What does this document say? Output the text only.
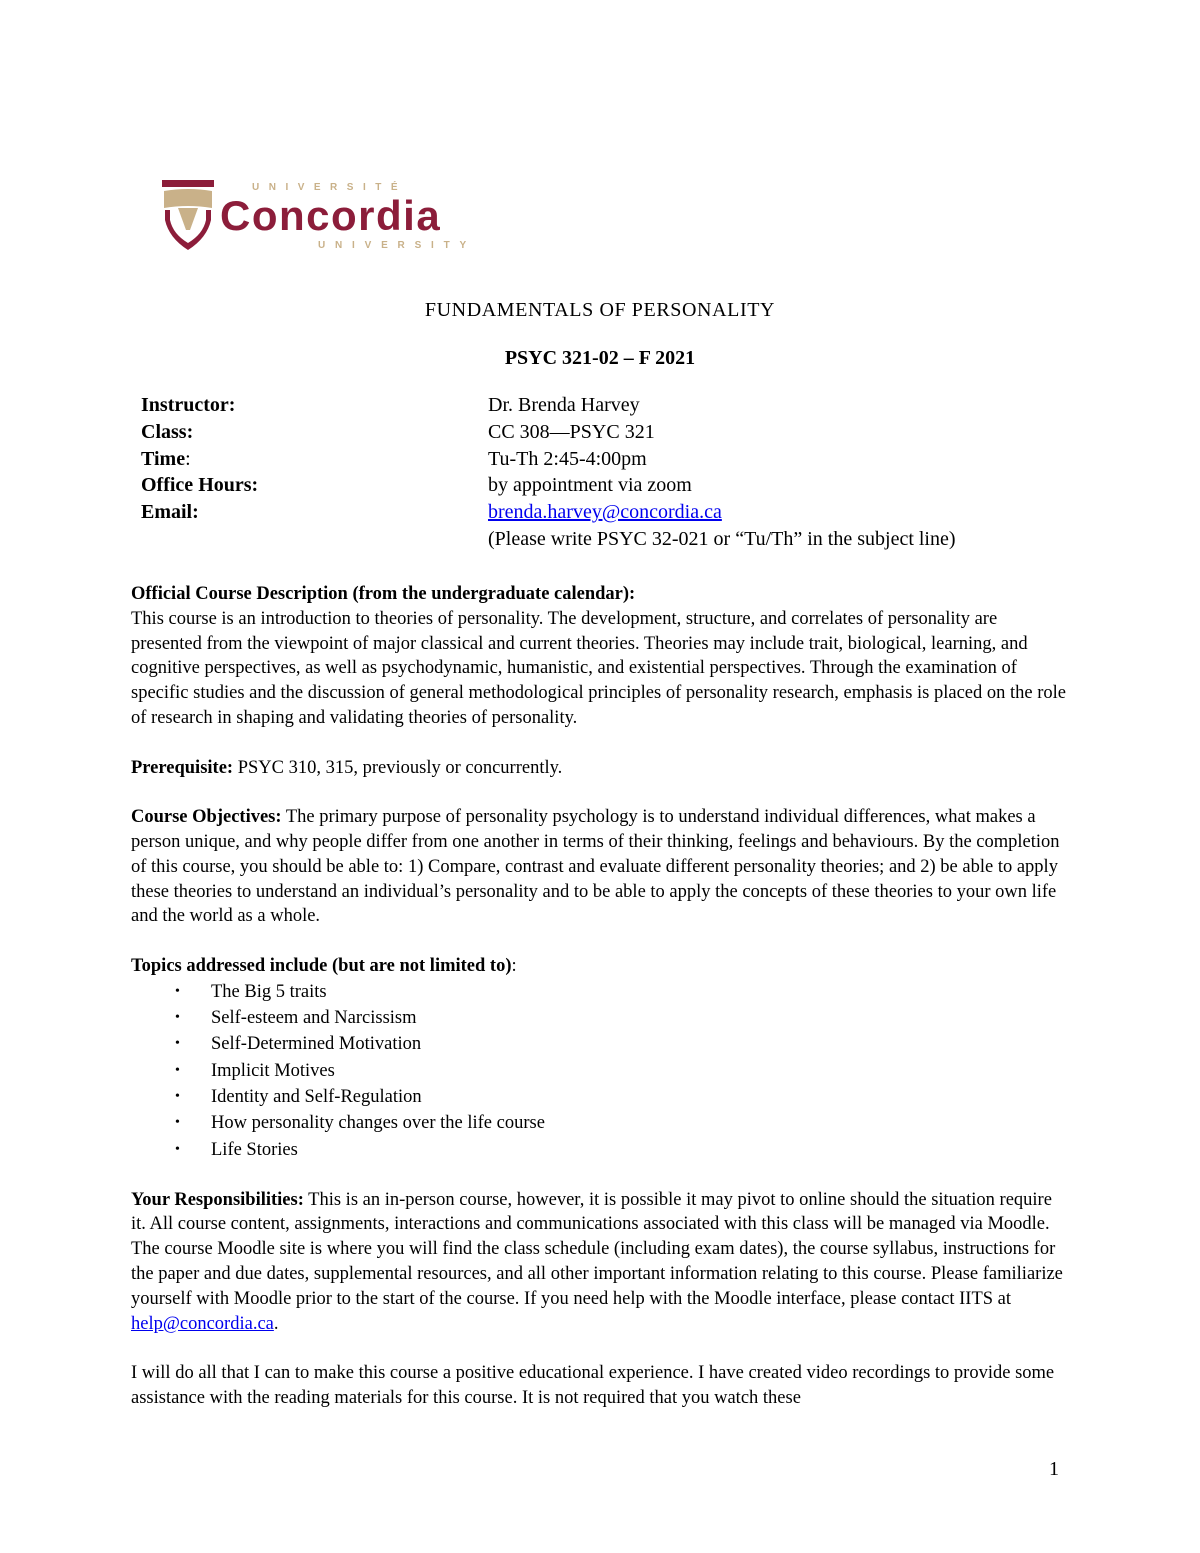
UNIVERSITÉ
Concordia
UNIVERSITY
FUNDAMENTALS OF PERSONALITY
PSYC 321-02 – F 2021
Instructor:	Dr. Brenda Harvey
Class:	CC 308—PSYC 321
Time:	Tu-Th 2:45-4:00pm
Office Hours:	by appointment via zoom
Email:	brenda.harvey@concordia.ca
(Please write PSYC 32-021 or “Tu/Th” in the subject line)
Official Course Description (from the undergraduate calendar):

This course is an introduction to theories of personality. The development, structure, and correlates of personality are presented from the viewpoint of major classical and current theories. Theories may include trait, biological, learning, and cognitive perspectives, as well as psychodynamic, humanistic, and existential perspectives. Through the examination of specific studies and the discussion of general methodological principles of personality research, emphasis is placed on the role of research in shaping and validating theories of personality.

Prerequisite: PSYC 310, 315, previously or concurrently.

Course Objectives: The primary purpose of personality psychology is to understand individual differences, what makes a person unique, and why people differ from one another in terms of their thinking, feelings and behaviours. By the completion of this course, you should be able to: 1) Compare, contrast and evaluate different personality theories; and 2) be able to apply these theories to understand an individual’s personality and to be able to apply the concepts of these theories to your own life and the world as a whole.

Topics addressed include (but are not limited to):
• The Big 5 traits
• Self-esteem and Narcissism
• Self-Determined Motivation
• Implicit Motives
• Identity and Self-Regulation
• How personality changes over the life course
• Life Stories

Your Responsibilities: This is an in-person course, however, it is possible it may pivot to online should the situation require it. All course content, assignments, interactions and communications associated with this class will be managed via Moodle. The course Moodle site is where you will find the class schedule (including exam dates), the course syllabus, instructions for the paper and due dates, supplemental resources, and all other important information relating to this course. Please familiarize yourself with Moodle prior to the start of the course. If you need help with the Moodle interface, please contact IITS at help@concordia.ca.

I will do all that I can to make this course a positive educational experience. I have created video recordings to provide some assistance with the reading materials for this course. It is not required that you watch these

1
